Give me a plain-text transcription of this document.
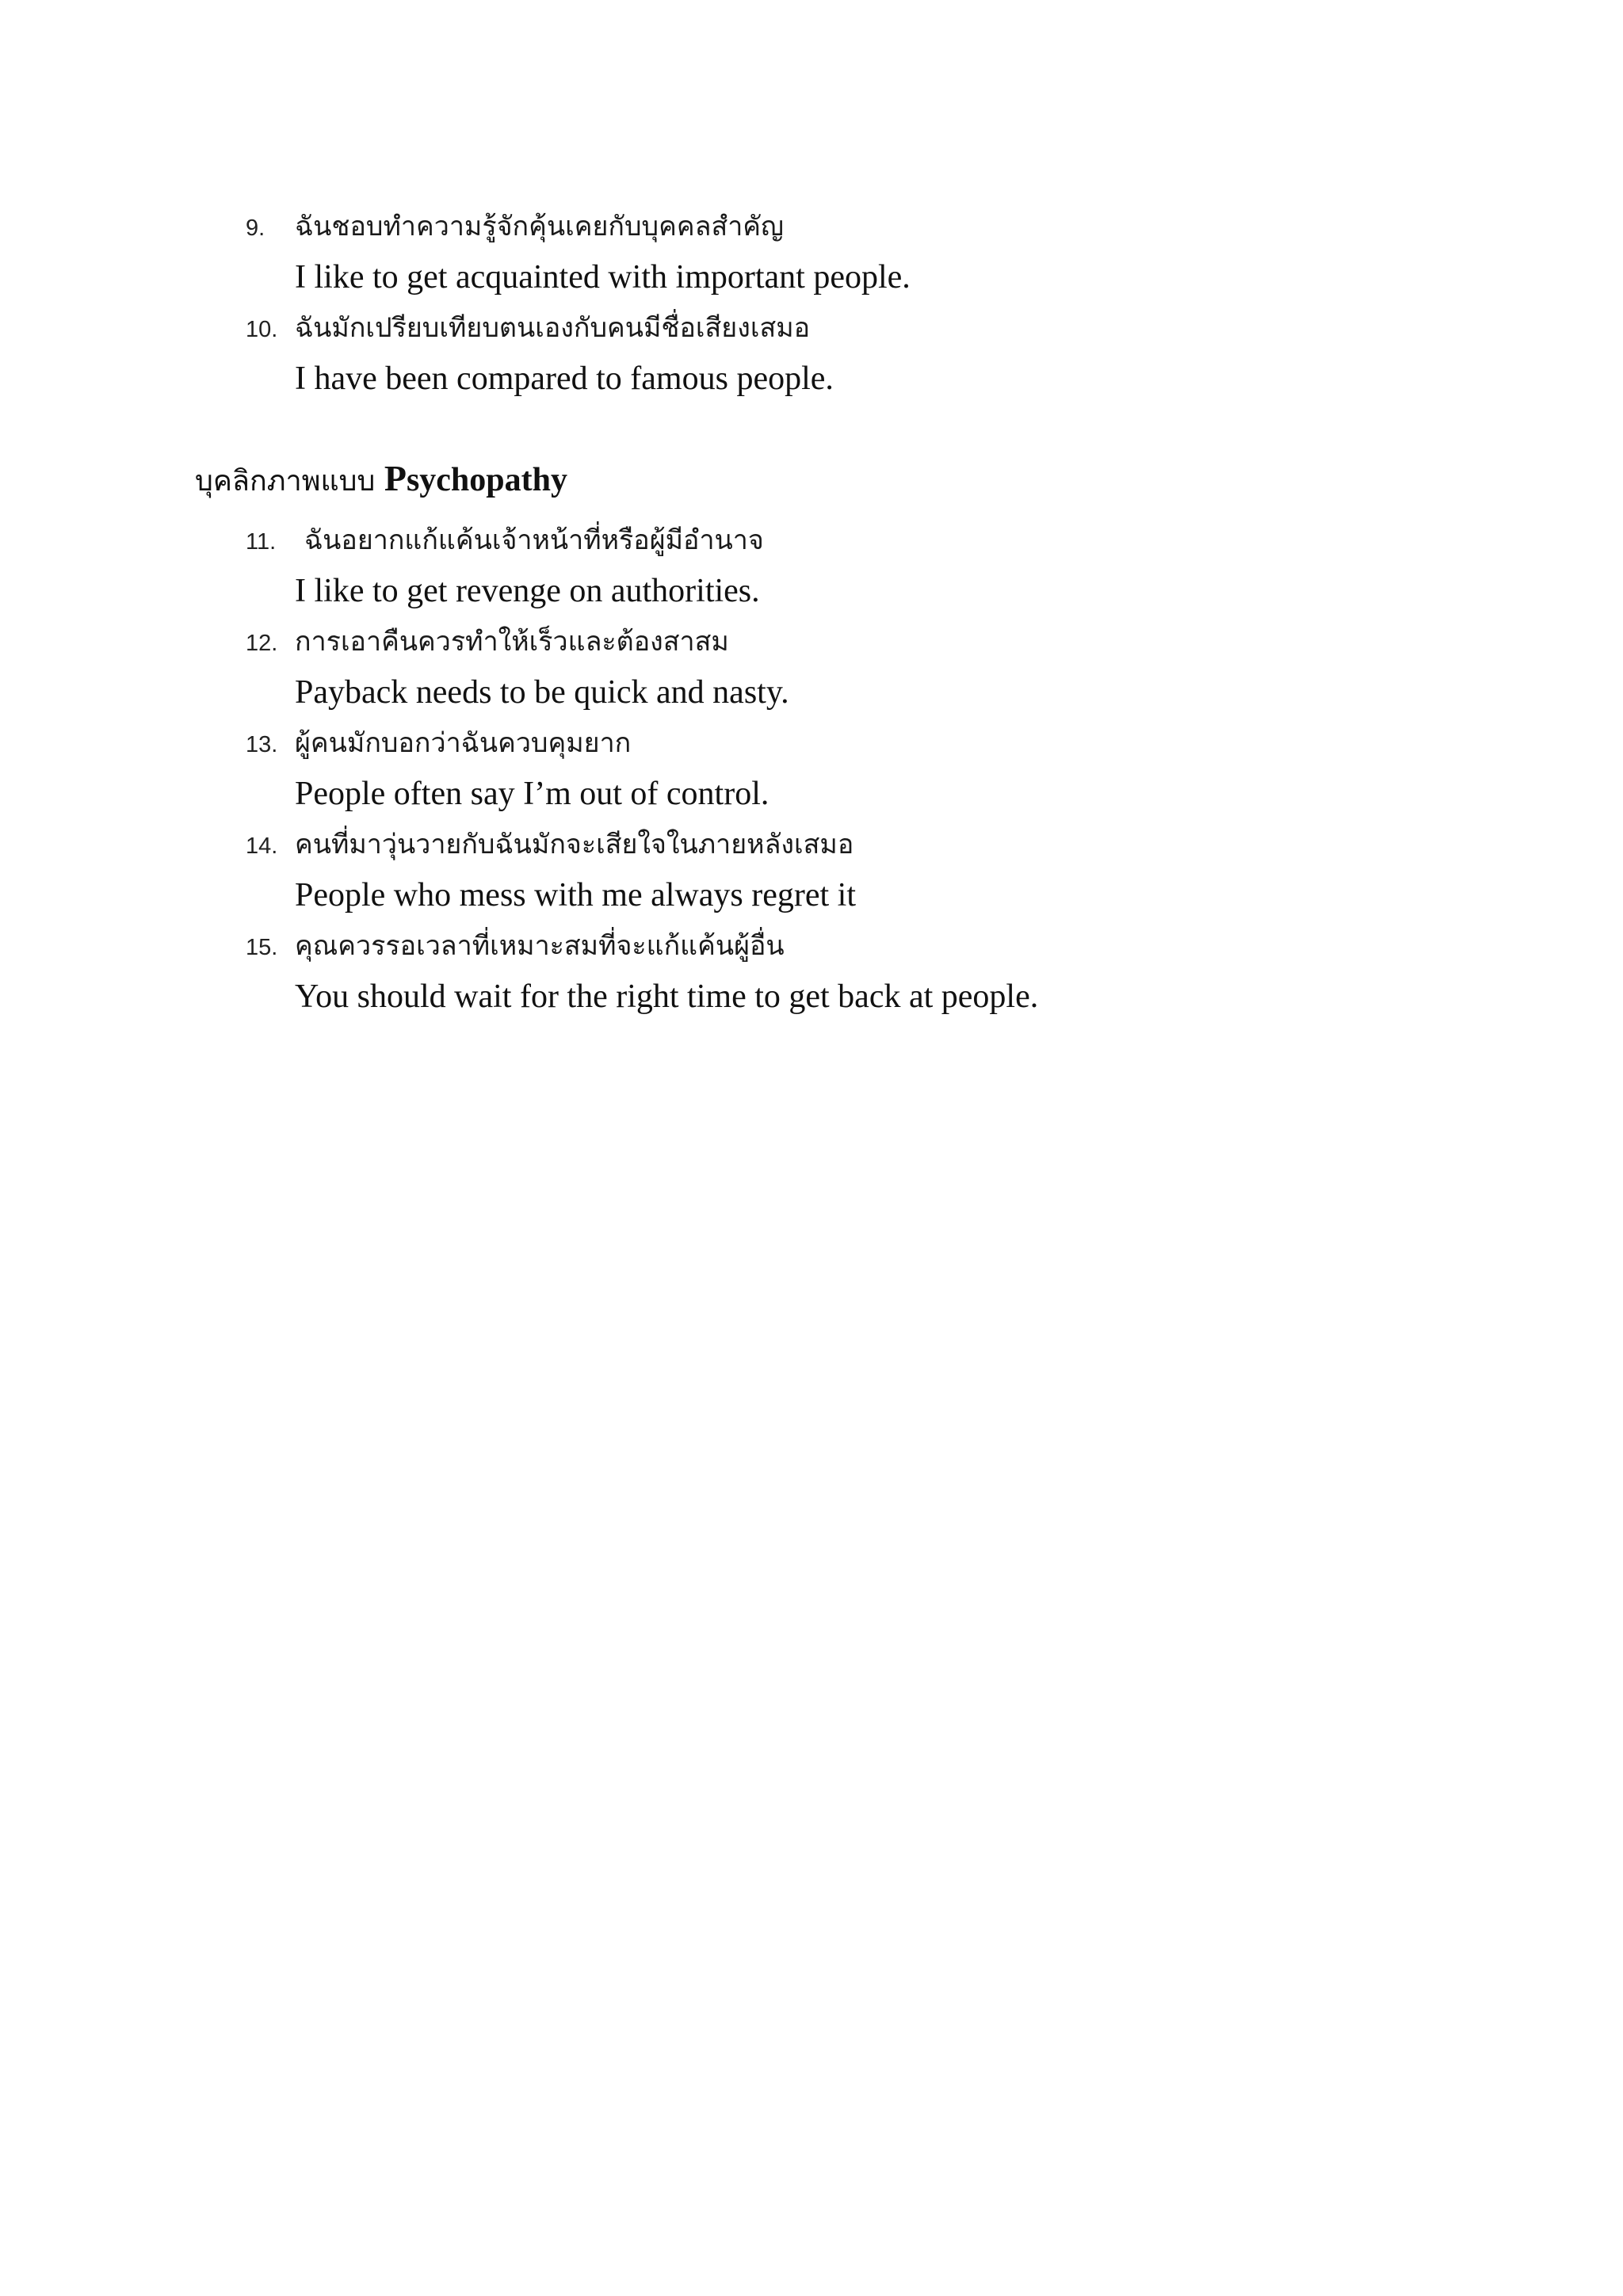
9.	ฉันชอบทำความรู้จักคุ้นเคยกับบุคคลสำคัญ
I like to get acquainted with important people.
10. ฉันมักเปรียบเทียบตนเองกับคนมีชื่อเสียงเสมอ
I have been compared to famous people.
บุคลิกภาพแบบ Psychopathy
11.	ฉันอยากแก้แค้นเจ้าหน้าที่หรือผู้มีอำนาจ
I like to get revenge on authorities.
12. การเอาคืนควรทำให้เร็วและต้องสาสม
Payback needs to be quick and nasty.
13. ผู้คนมักบอกว่าฉันควบคุมยาก
People often say I’m out of control.
14. คนที่มาวุ่นวายกับฉันมักจะเสียใจในภายหลังเสมอ
People who mess with me always regret it
15. คุณควรรอเวลาที่เหมาะสมที่จะแก้แค้นผู้อื่น
You should wait for the right time to get back at people.
